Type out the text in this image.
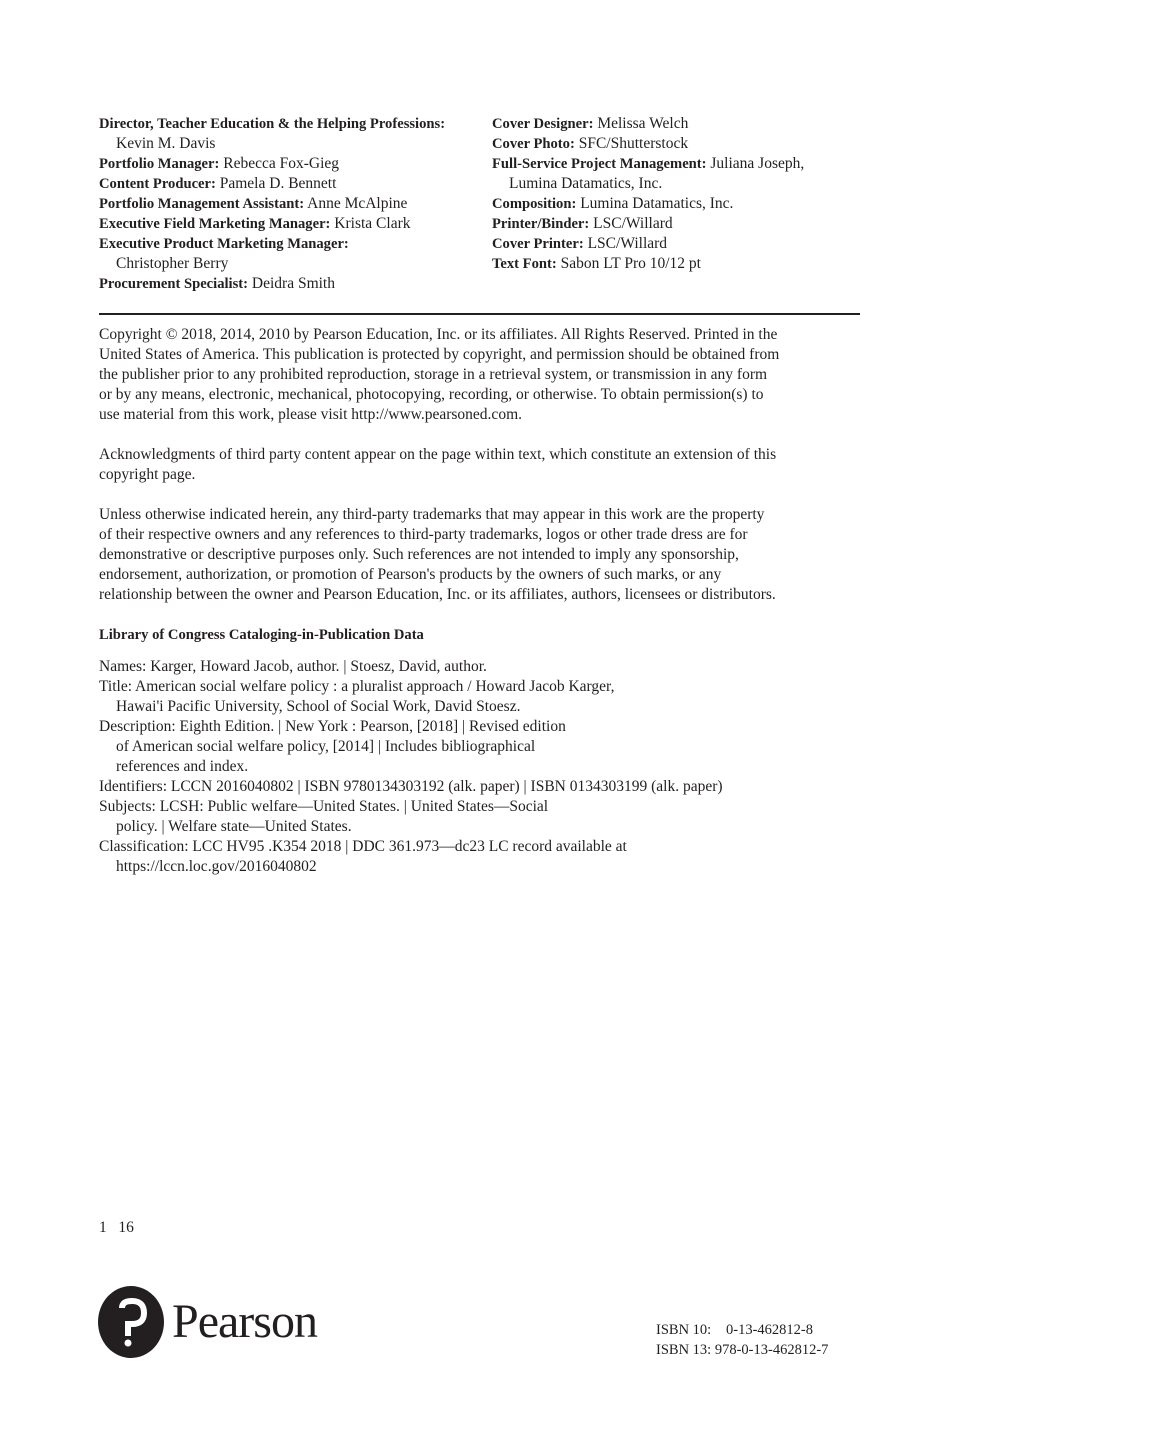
Director, Teacher Education & the Helping Professions:
Kevin M. Davis
Portfolio Manager: Rebecca Fox-Gieg
Content Producer: Pamela D. Bennett
Portfolio Management Assistant: Anne McAlpine
Executive Field Marketing Manager: Krista Clark
Executive Product Marketing Manager:
Christopher Berry
Procurement Specialist: Deidra Smith
Cover Designer: Melissa Welch
Cover Photo: SFC/Shutterstock
Full-Service Project Management: Juliana Joseph,
Lumina Datamatics, Inc.
Composition: Lumina Datamatics, Inc.
Printer/Binder: LSC/Willard
Cover Printer: LSC/Willard
Text Font: Sabon LT Pro 10/12 pt
Copyright © 2018, 2014, 2010 by Pearson Education, Inc. or its affiliates. All Rights Reserved. Printed in the
United States of America. This publication is protected by copyright, and permission should be obtained from
the publisher prior to any prohibited reproduction, storage in a retrieval system, or transmission in any form
or by any means, electronic, mechanical, photocopying, recording, or otherwise. To obtain permission(s) to
use material from this work, please visit http://www.pearsoned.com.
Acknowledgments of third party content appear on the page within text, which constitute an extension of this
copyright page.
Unless otherwise indicated herein, any third-party trademarks that may appear in this work are the property
of their respective owners and any references to third-party trademarks, logos or other trade dress are for
demonstrative or descriptive purposes only. Such references are not intended to imply any sponsorship,
endorsement, authorization, or promotion of Pearson's products by the owners of such marks, or any
relationship between the owner and Pearson Education, Inc. or its affiliates, authors, licensees or distributors.
Library of Congress Cataloging-in-Publication Data
Names: Karger, Howard Jacob, author. | Stoesz, David, author.
Title: American social welfare policy : a pluralist approach / Howard Jacob Karger,
Hawai'i Pacific University, School of Social Work, David Stoesz.
Description: Eighth Edition. | New York : Pearson, [2018] | Revised edition
of American social welfare policy, [2014] | Includes bibliographical
references and index.
Identifiers: LCCN 2016040802 | ISBN 9780134303192 (alk. paper) | ISBN 0134303199 (alk. paper)
Subjects: LCSH: Public welfare—United States. | United States—Social
policy. | Welfare state—United States.
Classification: LCC HV95 .K354 2018 | DDC 361.973—dc23 LC record available at
https://lccn.loc.gov/2016040802
1   16
Pearson	ISBN 10: 0-13-462812-8
ISBN 13: 978-0-13-462812-7
